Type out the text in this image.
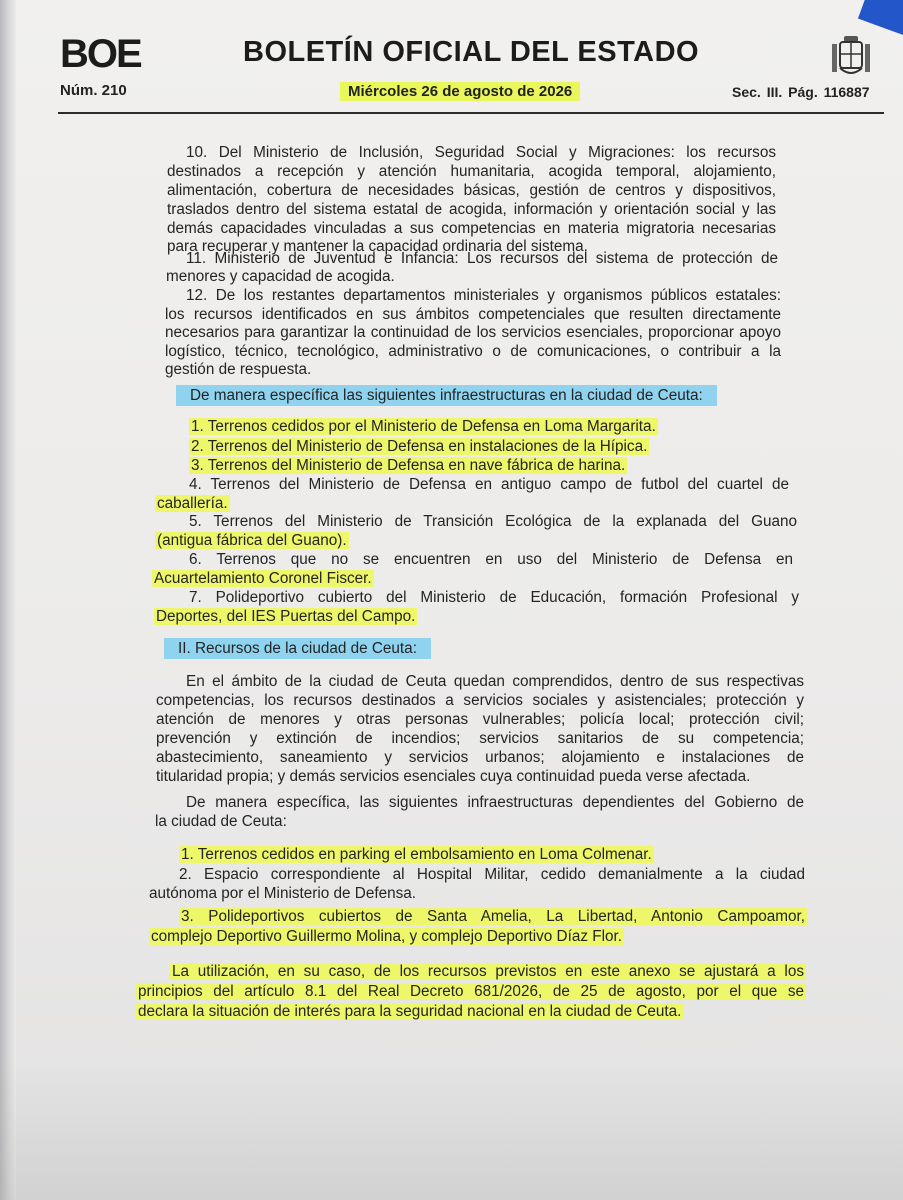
BOE	BOLETÍN OFICIAL DEL ESTADO
Núm. 210	Miércoles 26 de agosto de 2026	Sec. III. Pág. 116887
10. Del Ministerio de Inclusión, Seguridad Social y Migraciones: los recursos
destinados a recepción y atención humanitaria, acogida temporal, alojamiento,
alimentación, cobertura de necesidades básicas, gestión de centros y dispositivos,
traslados dentro del sistema estatal de acogida, información y orientación social y las
demás capacidades vinculadas a sus competencias en materia migratoria necesarias
para recuperar y mantener la capacidad ordinaria del sistema.
11. Ministerio de Juventud e Infancia: Los recursos del sistema de protección de
menores y capacidad de acogida.
12. De los restantes departamentos ministeriales y organismos públicos estatales:
los recursos identificados en sus ámbitos competenciales que resulten directamente
necesarios para garantizar la continuidad de los servicios esenciales, proporcionar apoyo
logístico, técnico, tecnológico, administrativo o de comunicaciones, o contribuir a la
gestión de respuesta.
De manera específica las siguientes infraestructuras en la ciudad de Ceuta:
1. Terrenos cedidos por el Ministerio de Defensa en Loma Margarita.
2. Terrenos del Ministerio de Defensa en instalaciones de la Hípica.
3. Terrenos del Ministerio de Defensa en nave fábrica de harina.
4. Terrenos del Ministerio de Defensa en antiguo campo de futbol del cuartel de
caballería.
5. Terrenos del Ministerio de Transición Ecológica de la explanada del Guano
(antigua fábrica del Guano).
6. Terrenos que no se encuentren en uso del Ministerio de Defensa en
Acuartelamiento Coronel Fiscer.
7. Polideportivo cubierto del Ministerio de Educación, formación Profesional y
Deportes, del IES Puertas del Campo.
II. Recursos de la ciudad de Ceuta:
En el ámbito de la ciudad de Ceuta quedan comprendidos, dentro de sus respectivas
competencias, los recursos destinados a servicios sociales y asistenciales; protección y
atención de menores y otras personas vulnerables; policía local; protección civil;
prevención y extinción de incendios; servicios sanitarios de su competencia;
abastecimiento, saneamiento y servicios urbanos; alojamiento e instalaciones de
titularidad propia; y demás servicios esenciales cuya continuidad pueda verse afectada.
De manera específica, las siguientes infraestructuras dependientes del Gobierno de
la ciudad de Ceuta:
1. Terrenos cedidos en parking el embolsamiento en Loma Colmenar.
2. Espacio correspondiente al Hospital Militar, cedido demanialmente a la ciudad
autónoma por el Ministerio de Defensa.
3. Polideportivos cubiertos de Santa Amelia, La Libertad, Antonio Campoamor,
complejo Deportivo Guillermo Molina, y complejo Deportivo Díaz Flor.
La utilización, en su caso, de los recursos previstos en este anexo se ajustará a los
principios del artículo 8.1 del Real Decreto 681/2026, de 25 de agosto, por el que se
declara la situación de interés para la seguridad nacional en la ciudad de Ceuta.
